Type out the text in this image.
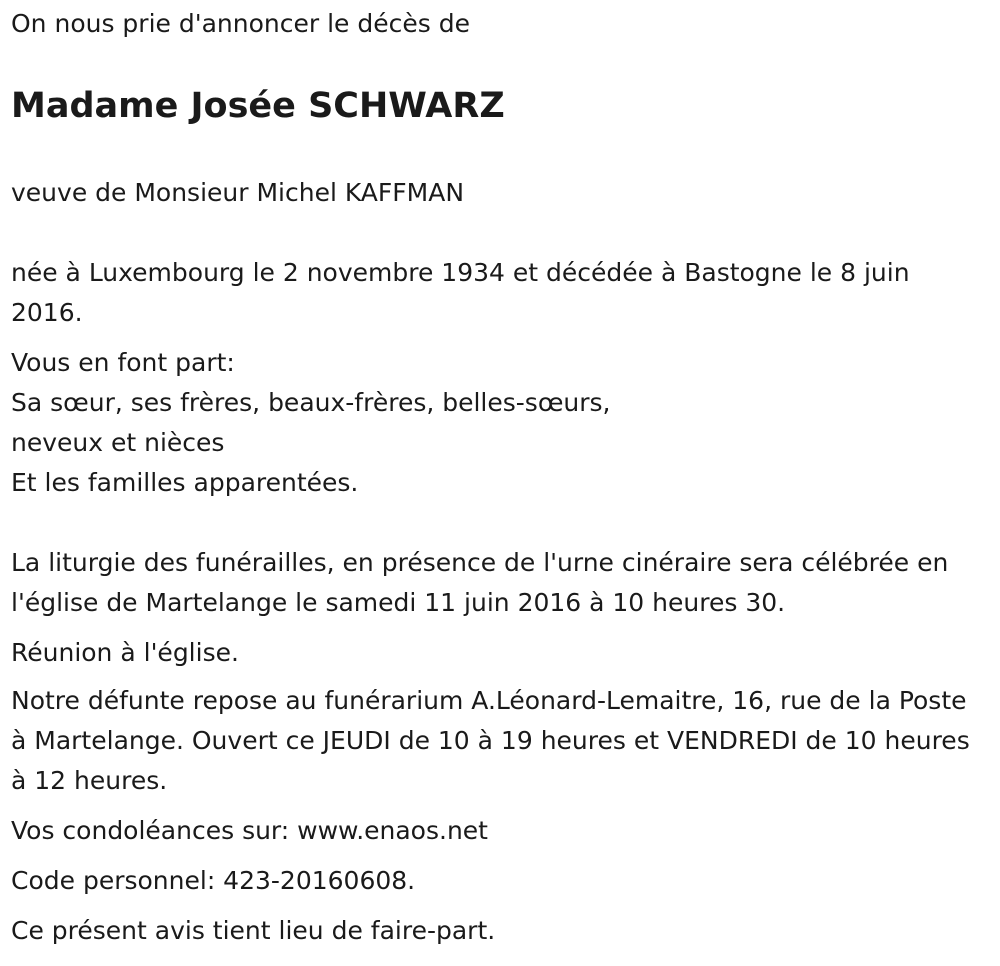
On nous prie d'annoncer le décès de

Madame Josée SCHWARZ

veuve de Monsieur Michel KAFFMAN

née à Luxembourg le 2 novembre 1934 et décédée à Bastogne le 8 juin 2016.

Vous en font part:

Sa sœur, ses frères, beaux-frères, belles-sœurs,

neveux et nièces

Et les familles apparentées.

La liturgie des funérailles, en présence de l'urne cinéraire sera célébrée en l'église de Martelange le samedi 11 juin 2016 à 10 heures 30.

Réunion à l'église.

Notre défunte repose au funérarium A.Léonard-Lemaitre, 16, rue de la Poste à Martelange. Ouvert ce JEUDI de 10 à 19 heures et VENDREDI de 10 heures à 12 heures.

Vos condoléances sur: www.enaos.net

Code personnel: 423-20160608.

Ce présent avis tient lieu de faire-part.
